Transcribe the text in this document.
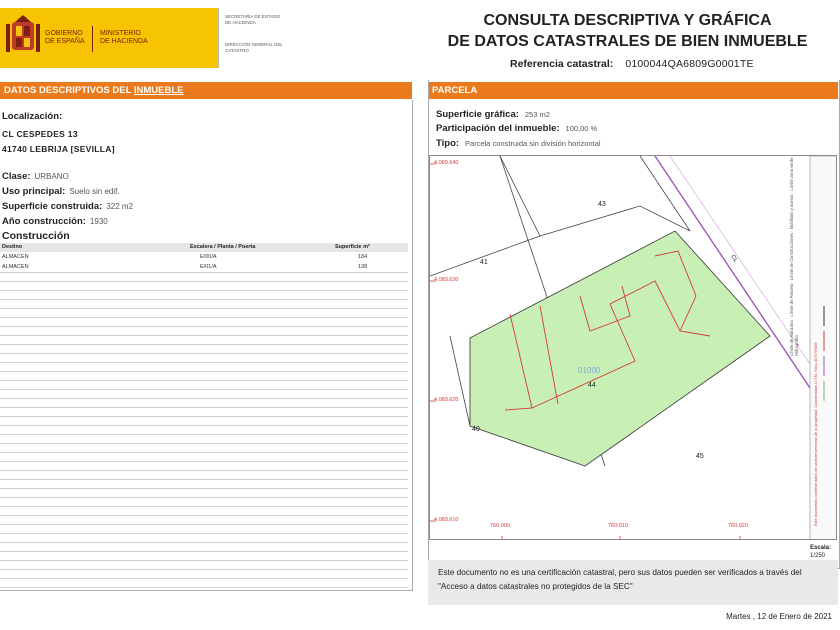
GOBIERNO
DE ESPAÑA
MINISTERIO
DE HACIENDA
SECRETARÍA DE ESTADO DE HACIENDA
DIRECCIÓN GENERAL DEL CATASTRO
CONSULTA DESCRIPTIVA Y GRÁFICA
DE DATOS CATASTRALES DE BIEN INMUEBLE
Referencia catastral: 0100044QA6809G0001TE
DATOS DESCRIPTIVOS DEL INMUEBLE
Localización:
CL CESPEDES 13
41740 LEBRIJA [SEVILLA]
Clase: URBANO
Uso principal: Suelo sin edif.
Superficie construida: 322 m2
Año construcción: 1930
Construcción
Destino	Escalera / Planta / Puerta	Superficie m²
ALMACEN	E/00/A	184
ALMACEN	E/01/A	138
PARCELA
Superficie gráfica: 253 m2
Participación del inmueble: 100,00 %
Tipo: Parcela construida sin división horizontal
4.089.640
4.089.630
4.089.620
4.089.610
760.000	760.010	760.020
43
41
40
45
44
01000
CL
Límite de Manzana · Límite de Parcela · Límite de Construcciones · Mobiliario y aceras · Límite zona verde · Hidrografía	Este documento contiene datos de carácter personal de la propiedad. Coordenadas U.T.M. Huso 30 ETRS89
Escala:
1/250
Este documento no es una certificación catastral, pero sus datos pueden ser verificados a través del "Acceso a datos catastrales no protegidos de la SEC"
Martes , 12 de Enero de 2021
